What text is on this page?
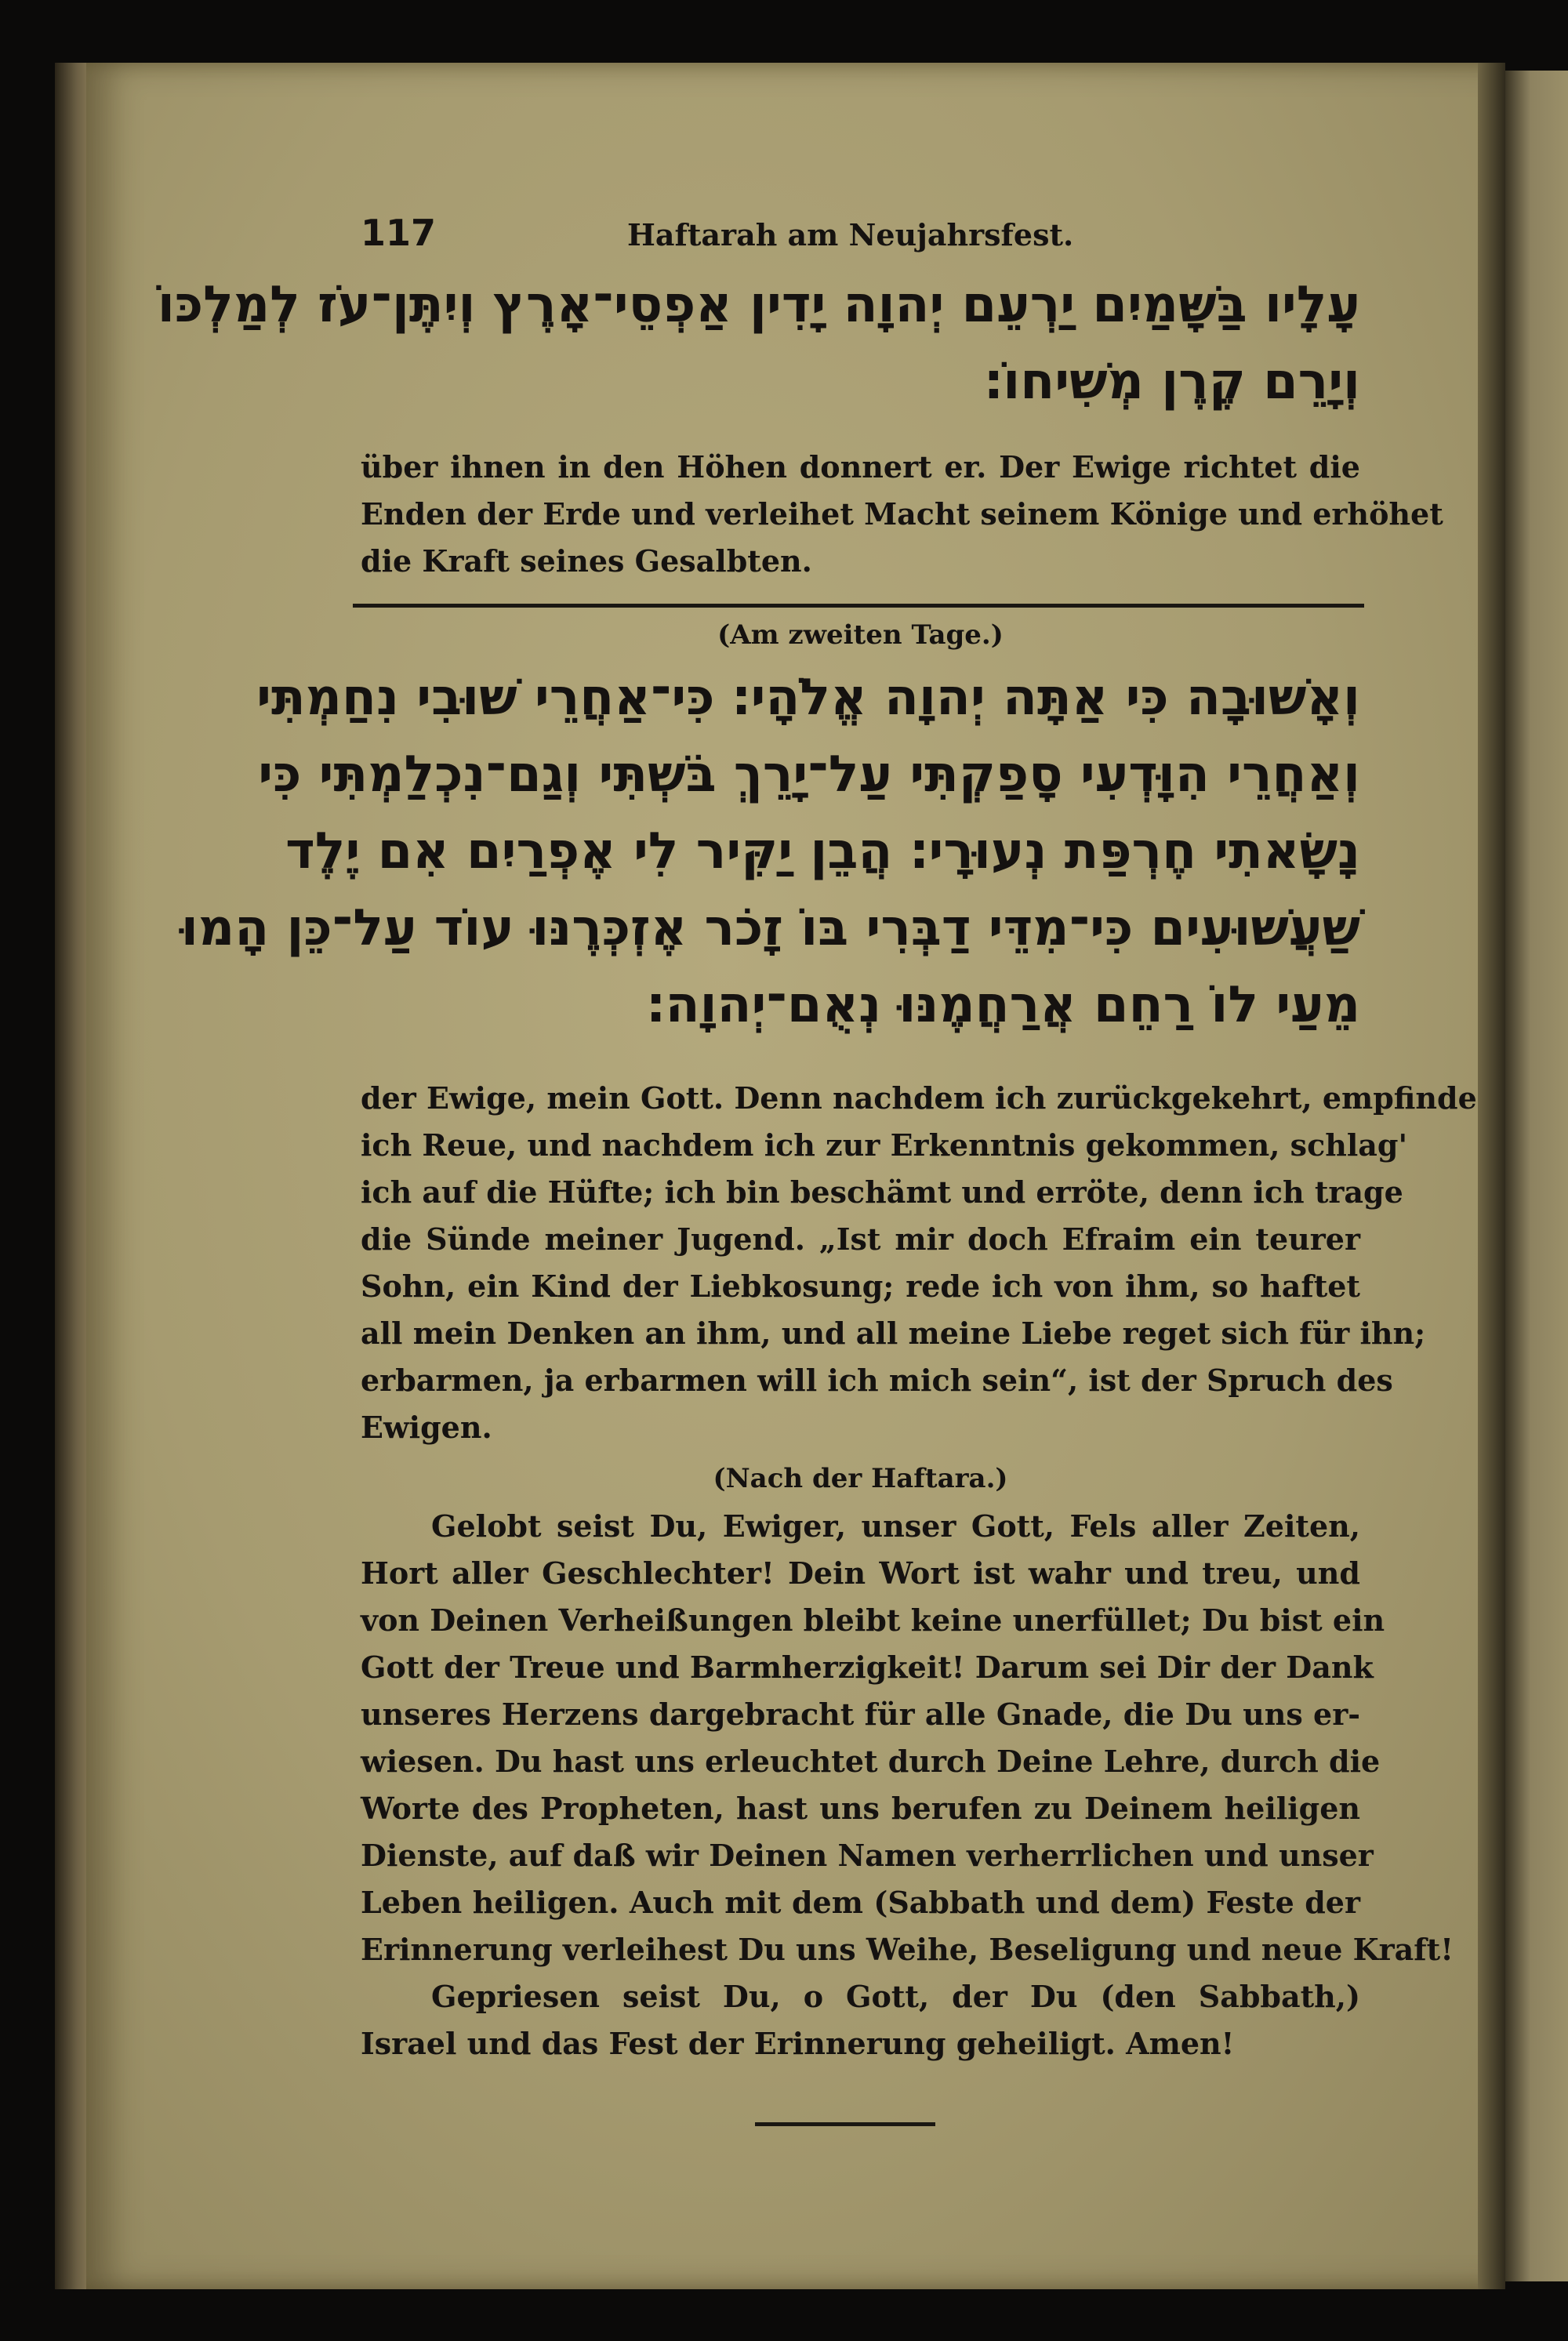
117	Haftarah am Neujahrsfest.
עָלָיו בַּשָּׁמַיִם יַרְעֵם יְהוָה יָדִין אַפְסֵי־אָרֶץ וְיִתֶּן־עֹז לְמַלְכּוֹ
וְיָרֵם קֶרֶן מְשִׁיחוֹ׃
über ihnen in den Höhen donnert er. Der Ewige richtet die
Enden der Erde und verleihet Macht seinem Könige und erhöhet
die Kraft seines Gesalbten.
(Am zweiten Tage.)
וְאָשׁוּבָה כִּי אַתָּה יְהוָה אֱלֹהָי׃ כִּי־אַחֲרֵי שׁוּבִי נִחַמְתִּי
וְאַחֲרֵי הִוָּדְעִי סָפַקְתִּי עַל־יָרֵךְ בֹּשְׁתִּי וְגַם־נִכְלַמְתִּי כִּי
נָשָׂאתִי חֶרְפַּת נְעוּרָי׃ הֲבֵן יַקִּיר לִי אֶפְרַיִם אִם יֶלֶד
שַׁעֲשׁוּעִים כִּי־מִדֵּי דַבְּרִי בּוֹ זָכֹר אֶזְכְּרֶנּוּ עוֹד עַל־כֵּן הָמוּ
מֵעַי לוֹ רַחֵם אֲרַחֲמֶנּוּ נְאֻם־יְהוָה׃
der Ewige, mein Gott. Denn nachdem ich zurückgekehrt, empfinde
ich Reue, und nachdem ich zur Erkenntnis gekommen, schlag'
ich auf die Hüfte; ich bin beschämt und erröte, denn ich trage
die Sünde meiner Jugend. „Ist mir doch Efraim ein teurer
Sohn, ein Kind der Liebkosung; rede ich von ihm, so haftet
all mein Denken an ihm, und all meine Liebe reget sich für ihn;
erbarmen, ja erbarmen will ich mich sein“, ist der Spruch des
Ewigen.
(Nach der Haftara.)
Gelobt seist Du, Ewiger, unser Gott, Fels aller Zeiten,
Hort aller Geschlechter! Dein Wort ist wahr und treu, und
von Deinen Verheißungen bleibt keine unerfüllet; Du bist ein
Gott der Treue und Barmherzigkeit! Darum sei Dir der Dank
unseres Herzens dargebracht für alle Gnade, die Du uns er-
wiesen. Du hast uns erleuchtet durch Deine Lehre, durch die
Worte des Propheten, hast uns berufen zu Deinem heiligen
Dienste, auf daß wir Deinen Namen verherrlichen und unser
Leben heiligen. Auch mit dem (Sabbath und dem) Feste der
Erinnerung verleihest Du uns Weihe, Beseligung und neue Kraft!
Gepriesen seist Du, o Gott, der Du (den Sabbath,)
Israel und das Fest der Erinnerung geheiligt. Amen!
